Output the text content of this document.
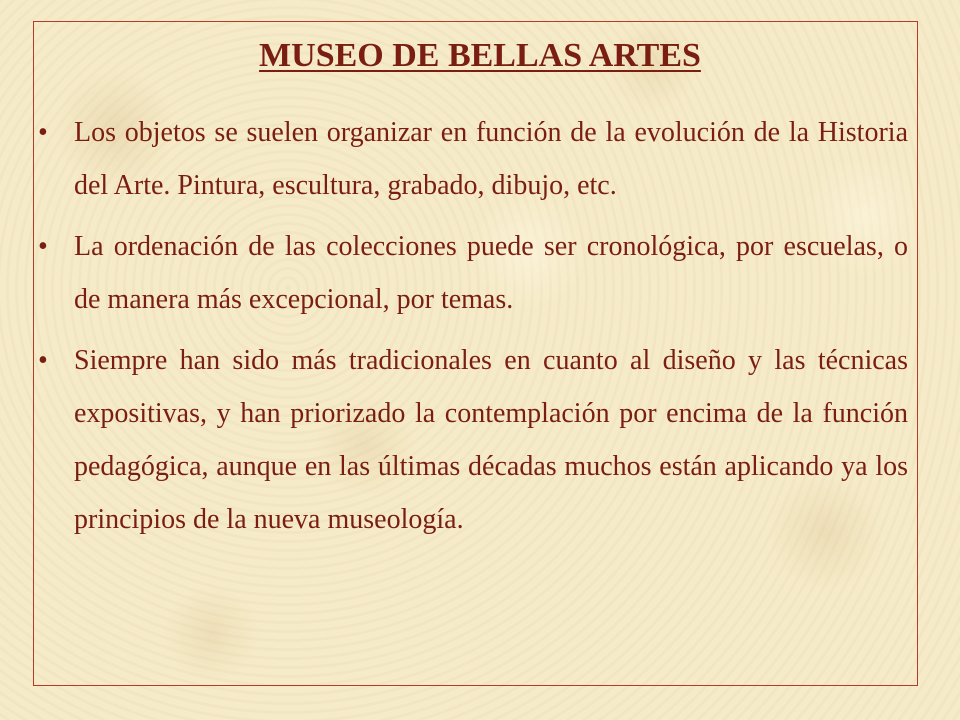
MUSEO DE BELLAS ARTES
• Los objetos se suelen organizar en función de la evolución de la Historia del Arte. Pintura, escultura, grabado, dibujo, etc.
• La ordenación de las colecciones puede ser cronológica, por escuelas, o de manera más excepcional, por temas.
• Siempre han sido más tradicionales en cuanto al diseño y las técnicas expositivas, y han priorizado la contemplación por encima de la función pedagógica, aunque en las últimas décadas muchos están aplicando ya los principios de la nueva museología.
